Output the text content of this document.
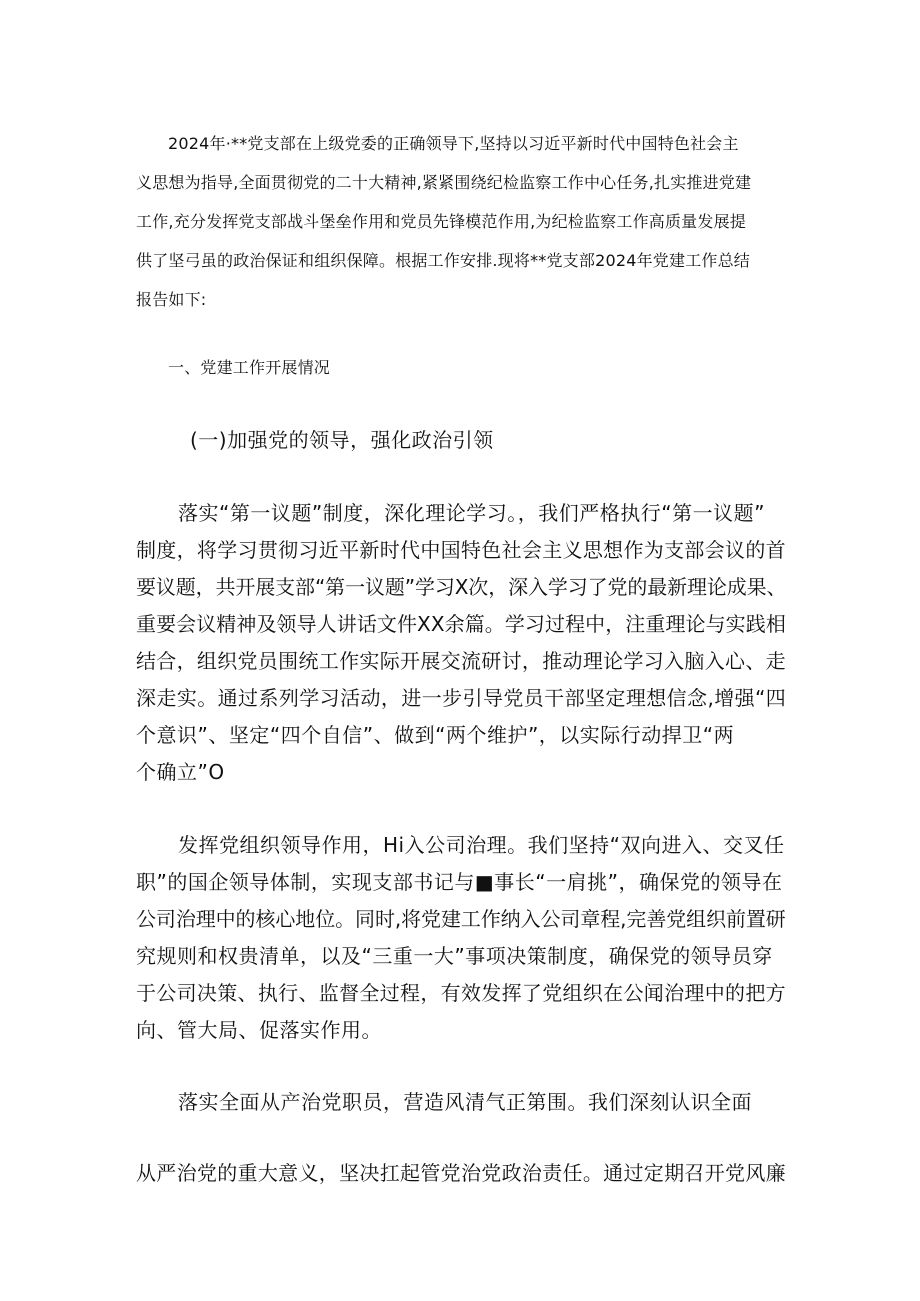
2024年·**党支部在上级党委的正确领导下,坚持以习近平新时代中国特色社会主
义思想为指导,全面贯彻党的二十大精神,紧紧围绕纪检监察工作中心任务,扎实推进党建
工作,充分发挥党支部战斗堡垒作用和党员先锋模范作用,为纪检监察工作高质量发展提
供了坚弓虽的政治保证和组织保障。根据工作安排.现将**党支部2024年党建工作总结
报告如下:
一、党建工作开展情况
(一)加强党的领导，强化政治引领
落实“第一议题”制度，深化理论学习。，我们严格执行“第一议题”
制度，将学习贯彻习近平新时代中国特色社会主义思想作为支部会议的首
要议题，共开展支部“第一议题”学习X次，深入学习了党的最新理论成果、
重要会议精神及领导人讲话文件XX余篇。学习过程中，注重理论与实践相
结合，组织党员围统工作实际开展交流研讨，推动理论学习入脑入心、走
深走实。通过系列学习活动，进一步引导党员干部坚定理想信念,增强“四
个意识”、坚定“四个自信”、做到“两个维护”，以实际行动捍卫“两
个确立”O
发挥党组织领导作用，Hi入公司治理。我们坚持“双向进入、交叉任
职”的国企领导体制，实现支部书记与■事长“一肩挑”，确保党的领导在
公司治理中的核心地位。同时,将党建工作纳入公司章程,完善党组织前置研
究规则和权贵清单，以及“三重一大”事项决策制度，确保党的领导员穿
于公司决策、执行、监督全过程，有效发挥了党组织在公闻治理中的把方
向、管大局、促落实作用。
落实全面从产治党职员，营造风清气正第围。我们深刻认识全面
从严治党的重大意义，坚决扛起管党治党政治责任。通过定期召开党风廉
